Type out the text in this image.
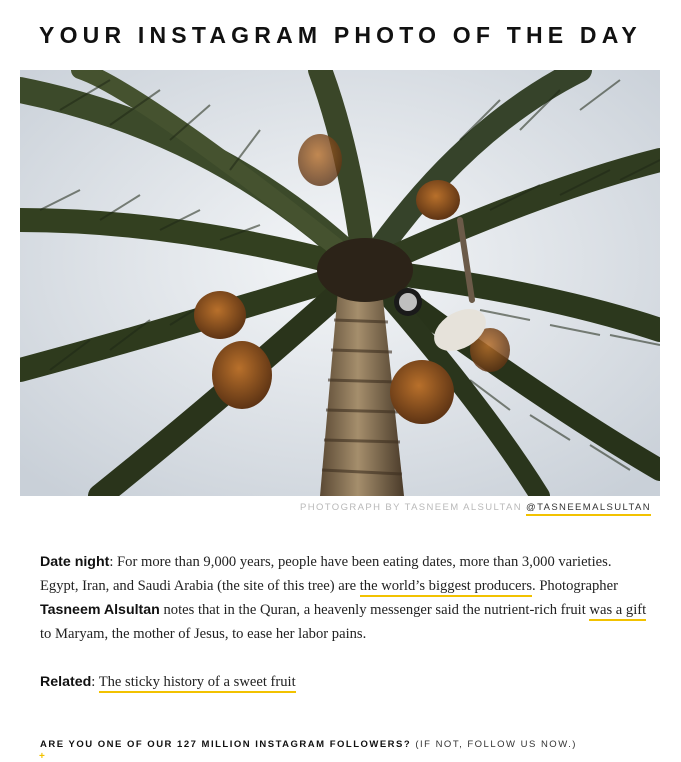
YOUR INSTAGRAM PHOTO OF THE DAY
PHOTOGRAPH BY TASNEEM ALSULTAN @TASNEEMALSULTAN

Date night: For more than 9,000 years, people have been eating dates, more than 3,000 varieties. Egypt, Iran, and Saudi Arabia (the site of this tree) are the world’s biggest producers. Photographer Tasneem Alsultan notes that in the Quran, a heavenly messenger said the nutrient-rich fruit was a gift to Maryam, the mother of Jesus, to ease her labor pains.

Related: The sticky history of a sweet fruit
ARE YOU ONE OF OUR 127 MILLION INSTAGRAM FOLLOWERS? (IF NOT, FOLLOW US NOW.)
+
